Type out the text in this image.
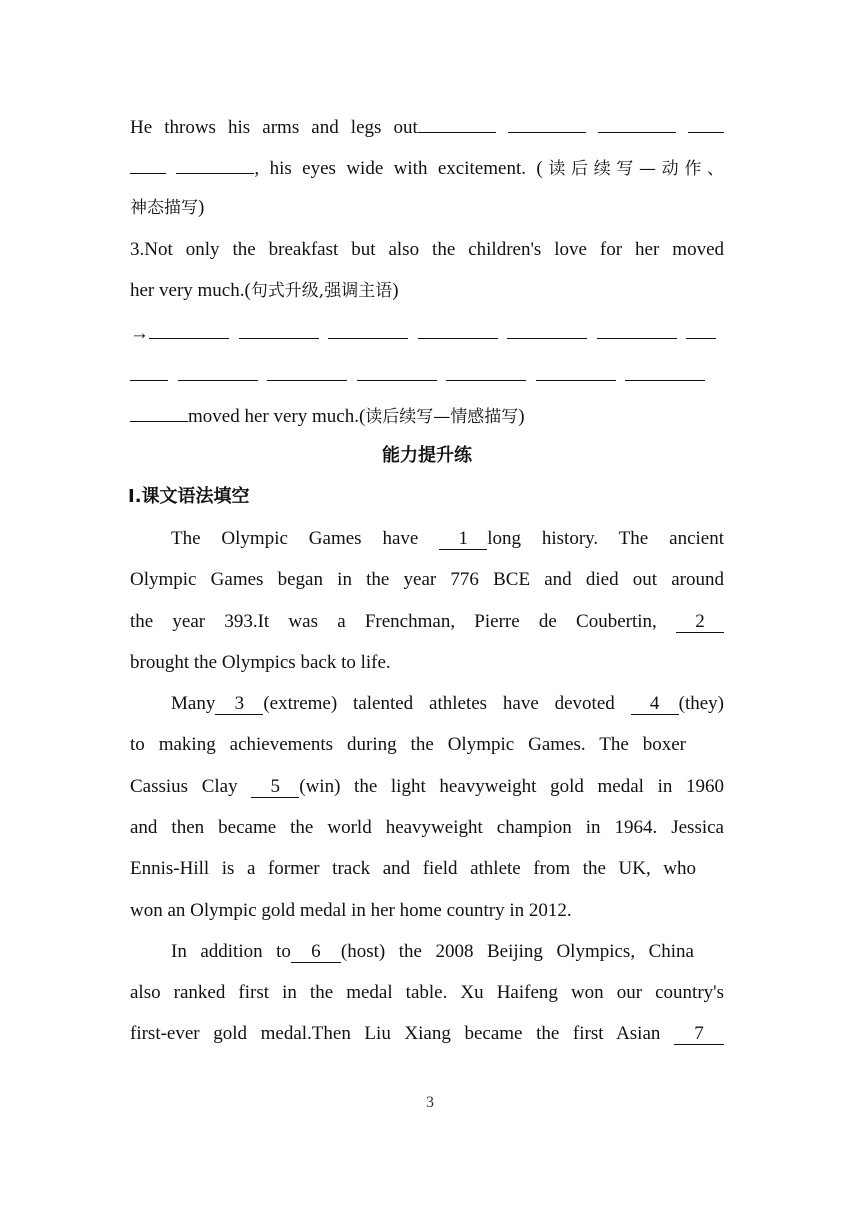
He throws his arms and legs out
, his eyes wide with excitement. (读后续写—动作、
神态描写)
3.Not only the breakfast but also the children's love for her moved
her very much.(句式升级,强调主语)
→

moved her very much.(读后续写—情感描写)
能力提升练
Ⅰ.课文语法填空
The Olympic Games have 1 long history. The ancient
Olympic Games began in the year 776 BCE and died out around
the year 393.It was a Frenchman, Pierre de Coubertin, 2
brought the Olympics back to life.
Many 3 (extreme) talented athletes have devoted 4 (they)
to making achievements during the Olympic Games. The boxer
Cassius Clay 5 (win) the light heavyweight gold medal in 1960
and then became the world heavyweight champion in 1964. Jessica
Ennis-Hill is a former track and field athlete from the UK, who
won an Olympic gold medal in her home country in 2012.
In addition to 6 (host) the 2008 Beijing Olympics, China
also ranked first in the medal table. Xu Haifeng won our country's
first-ever gold medal.Then Liu Xiang became the first Asian 7
3
